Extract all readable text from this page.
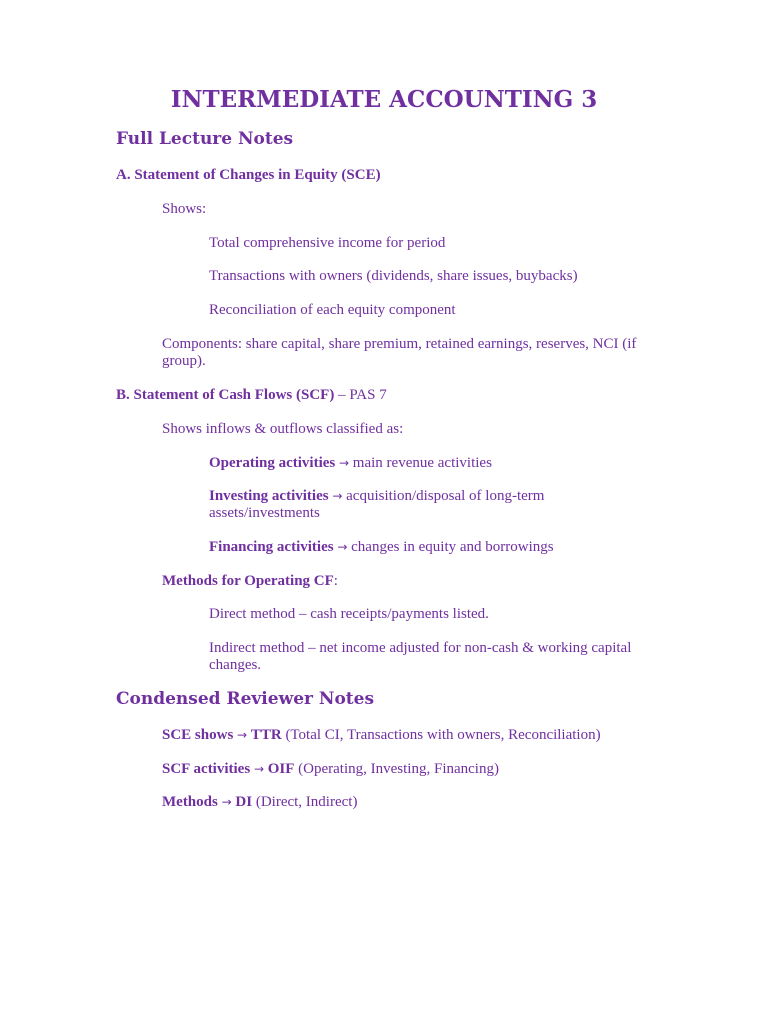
INTERMEDIATE ACCOUNTING 3
Full Lecture Notes

A. Statement of Changes in Equity (SCE)

Shows:

Total comprehensive income for period

Transactions with owners (dividends, share issues, buybacks)

Reconciliation of each equity component

Components: share capital, share premium, retained earnings, reserves, NCI (if group).

B. Statement of Cash Flows (SCF) – PAS 7

Shows inflows & outflows classified as:

Operating activities → main revenue activities

Investing activities → acquisition/disposal of long-term assets/investments

Financing activities → changes in equity and borrowings

Methods for Operating CF:

Direct method – cash receipts/payments listed.

Indirect method – net income adjusted for non-cash & working capital changes.

Condensed Reviewer Notes

SCE shows → TTR (Total CI, Transactions with owners, Reconciliation)

SCF activities → OIF (Operating, Investing, Financing)

Methods → DI (Direct, Indirect)
